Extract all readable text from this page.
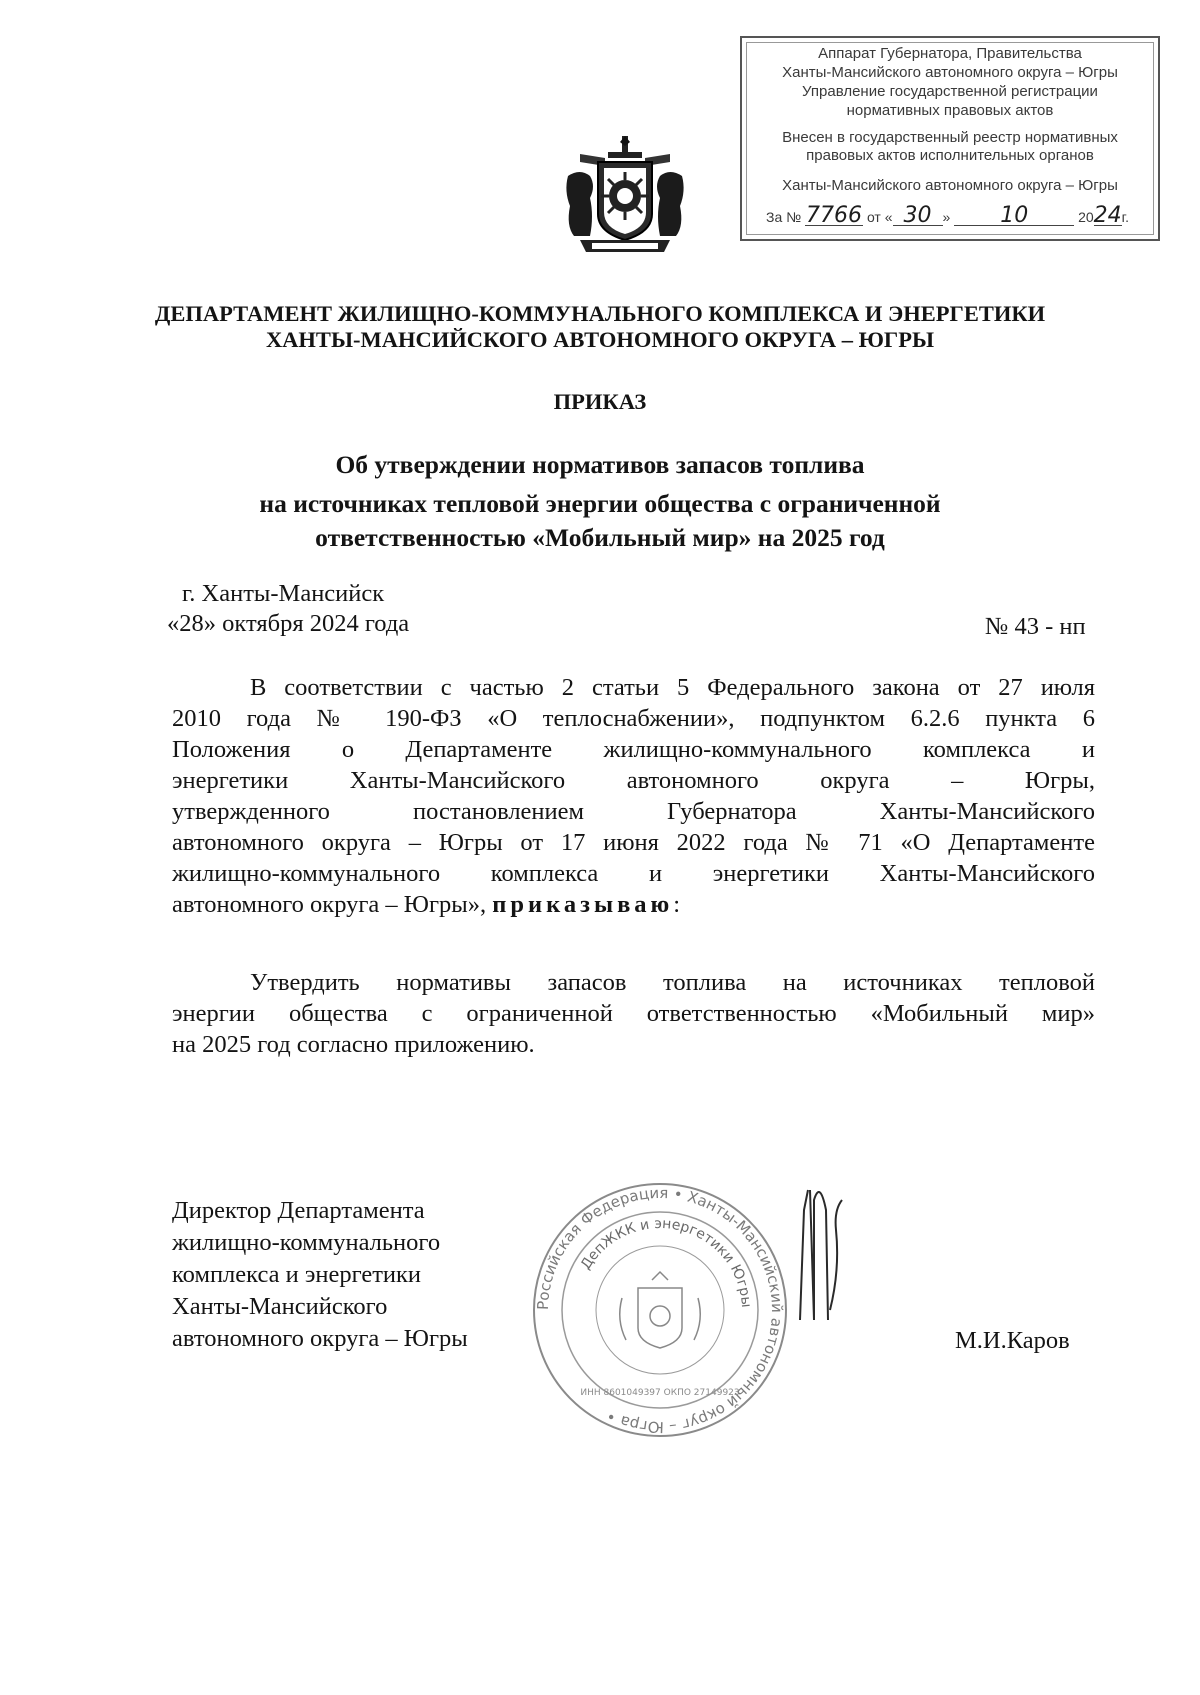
Аппарат Губернатора, Правительства
Ханты-Мансийского автономного округа – Югры
Управление государственной регистрации
нормативных правовых актов
Внесен в государственный реестр нормативных
правовых актов исполнительных органов
Ханты-Мансийского автономного округа – Югры
За № 7766 от « 30 » 10	2024г.
ДЕПАРТАМЕНТ ЖИЛИЩНО-КОММУНАЛЬНОГО КОМПЛЕКСА И ЭНЕРГЕТИКИ
ХАНТЫ-МАНСИЙСКОГО АВТОНОМНОГО ОКРУГА – ЮГРЫ
ПРИКАЗ
Об утверждении нормативов запасов топлива
на источниках тепловой энергии общества с ограниченной
ответственностью «Мобильный мир» на 2025 год
г. Ханты-Мансийск
«28» октября 2024 года	№ 43 - нп
В соответствии с частью 2 статьи 5 Федерального закона от 27 июля
2010 года № 190-ФЗ «О теплоснабжении», подпунктом 6.2.6 пункта 6
Положения о Департаменте жилищно-коммунального комплекса и
энергетики Ханты-Мансийского автономного округа – Югры,
утвержденного постановлением Губернатора Ханты-Мансийского
автономного округа – Югры от 17 июня 2022 года № 71 «О Департаменте
жилищно-коммунального комплекса и энергетики Ханты-Мансийского
автономного округа – Югры», приказываю:
Утвердить нормативы запасов топлива на источниках тепловой
энергии общества с ограниченной ответственностью «Мобильный мир»
на 2025 год согласно приложению.
Директор Департамента
жилищно-коммунального
комплекса и энергетики
Ханты-Мансийского
автономного округа – Югры	М.И.Каров
Российская Федерация • Ханты-Мансийский автономный округ – Югра •
ДепЖКК и энергетики Югры
ИНН 8601049397 ОКПО 27149923
